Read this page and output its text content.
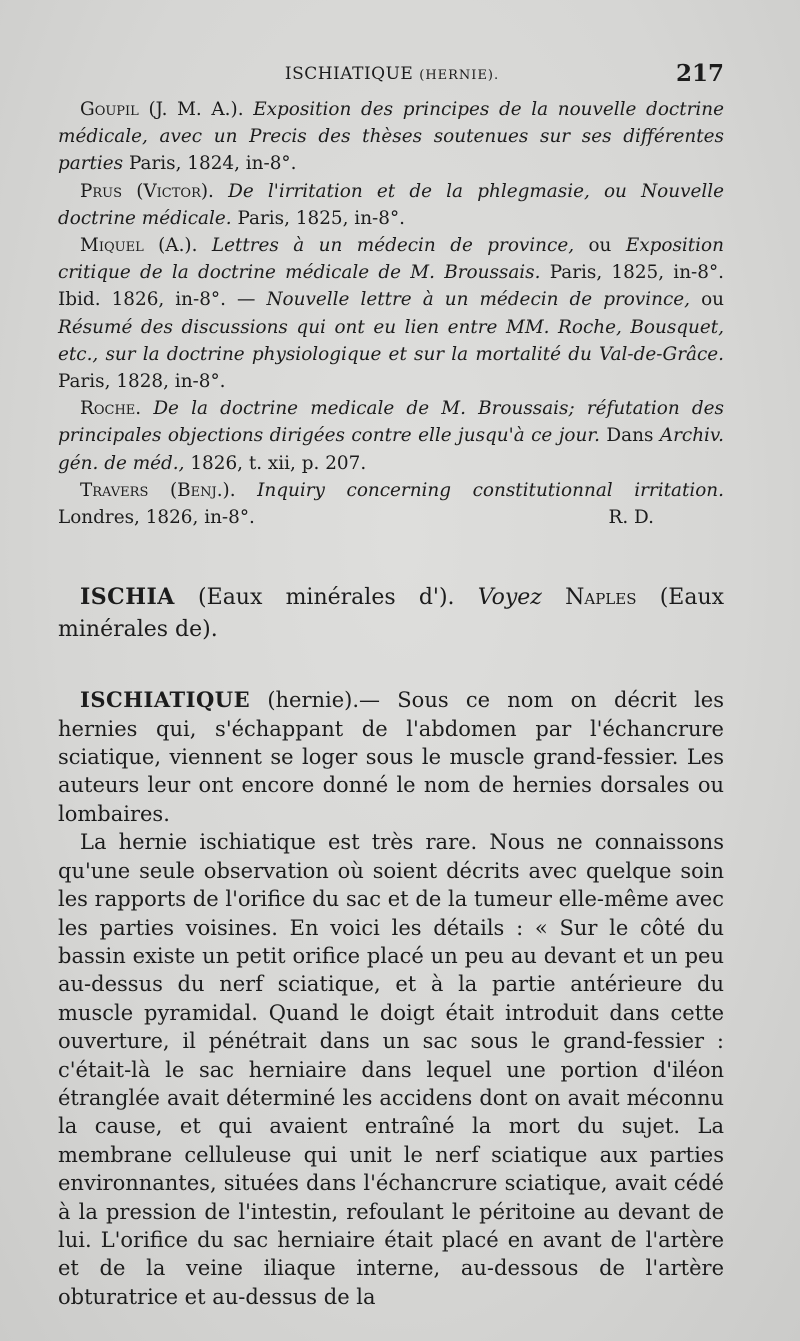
ISCHIATIQUE (HERNIE).	217

Goupil (J. M. A.). Exposition des principes de la nouvelle doctrine médicale, avec un Precis des thèses soutenues sur ses différentes parties Paris, 1824, in-8°.

Prus (Victor). De l'irritation et de la phlegmasie, ou Nouvelle doctrine médicale. Paris, 1825, in-8°.

Miquel (A.). Lettres à un médecin de province, ou Exposition critique de la doctrine médicale de M. Broussais. Paris, 1825, in-8°. Ibid. 1826, in-8°. — Nouvelle lettre à un médecin de province, ou Résumé des discussions qui ont eu lien entre MM. Roche, Bousquet, etc., sur la doctrine physiologique et sur la mortalité du Val-de-Grâce. Paris, 1828, in-8°.

Roche. De la doctrine medicale de M. Broussais; réfutation des principales objections dirigées contre elle jusqu'à ce jour. Dans Archiv. gén. de méd., 1826, t. xii, p. 207.

Travers (Benj.). Inquiry concerning constitutionnal irritation. Londres, 1826, in-8°.	R. D.

ISCHIA (Eaux minérales d'). Voyez Naples (Eaux minérales de).

ISCHIATIQUE (hernie).— Sous ce nom on décrit les hernies qui, s'échappant de l'abdomen par l'échancrure sciatique, viennent se loger sous le muscle grand-fessier. Les auteurs leur ont encore donné le nom de hernies dorsales ou lombaires.

La hernie ischiatique est très rare. Nous ne connaissons qu'une seule observation où soient décrits avec quelque soin les rapports de l'orifice du sac et de la tumeur elle-même avec les parties voisines. En voici les détails : « Sur le côté du bassin existe un petit orifice placé un peu au devant et un peu au-dessus du nerf sciatique, et à la partie antérieure du muscle pyramidal. Quand le doigt était introduit dans cette ouverture, il pénétrait dans un sac sous le grand-fessier : c'était-là le sac herniaire dans lequel une portion d'iléon étranglée avait déterminé les accidens dont on avait méconnu la cause, et qui avaient entraîné la mort du sujet. La membrane celluleuse qui unit le nerf sciatique aux parties environnantes, situées dans l'échancrure sciatique, avait cédé à la pression de l'intestin, refoulant le péritoine au devant de lui. L'orifice du sac herniaire était placé en avant de l'artère et de la veine iliaque interne, au-dessous de l'artère obturatrice et au-dessus de la
